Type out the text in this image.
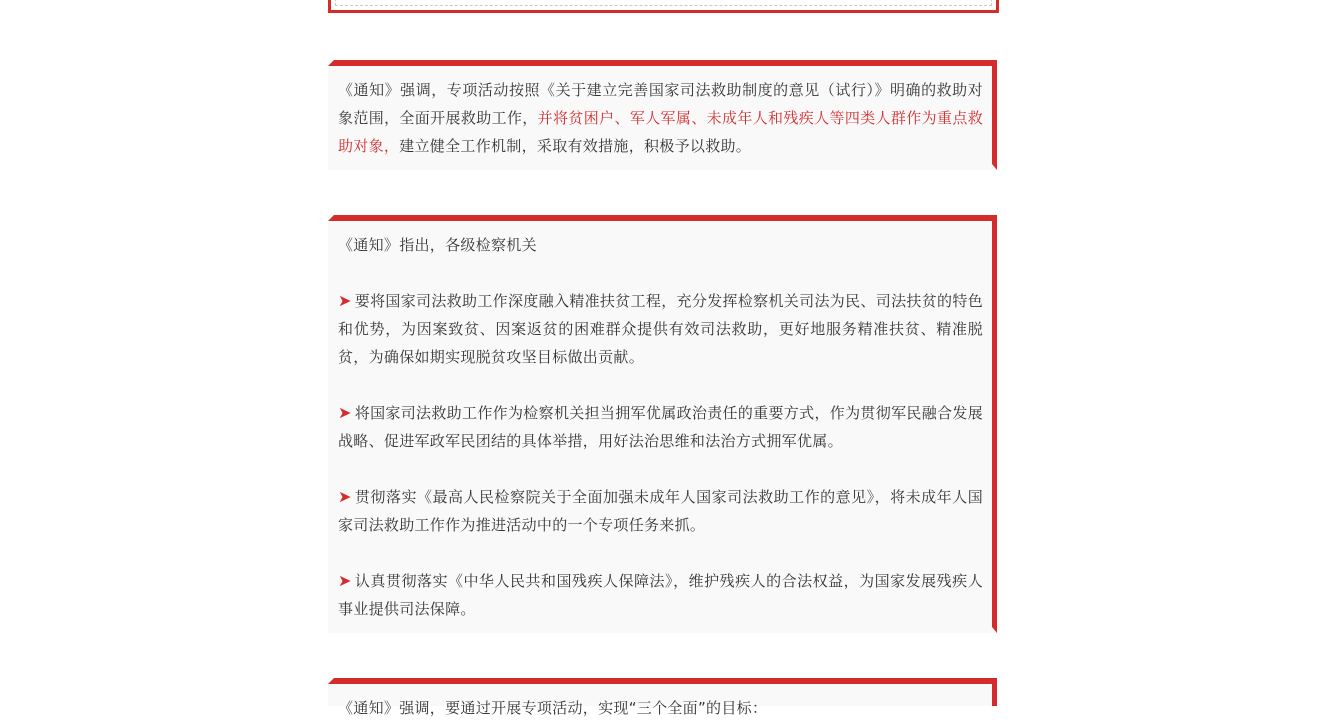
《通知》强调，专项活动按照《关于建立完善国家司法救助制度的意见（试行）》明确的救助对象范围，全面开展救助工作，并将贫困户、军人军属、未成年人和残疾人等四类人群作为重点救助对象，建立健全工作机制，采取有效措施，积极予以救助。

《通知》指出，各级检察机关

➤ 要将国家司法救助工作深度融入精准扶贫工程，充分发挥检察机关司法为民、司法扶贫的特色和优势，为因案致贫、因案返贫的困难群众提供有效司法救助，更好地服务精准扶贫、精准脱贫，为确保如期实现脱贫攻坚目标做出贡献。

➤ 将国家司法救助工作作为检察机关担当拥军优属政治责任的重要方式，作为贯彻军民融合发展战略、促进军政军民团结的具体举措，用好法治思维和法治方式拥军优属。

➤ 贯彻落实《最高人民检察院关于全面加强未成年人国家司法救助工作的意见》，将未成年人国家司法救助工作作为推进活动中的一个专项任务来抓。

➤ 认真贯彻落实《中华人民共和国残疾人保障法》，维护残疾人的合法权益，为国家发展残疾人事业提供司法保障。

《通知》强调，要通过开展专项活动，实现“三个全面”的目标：
